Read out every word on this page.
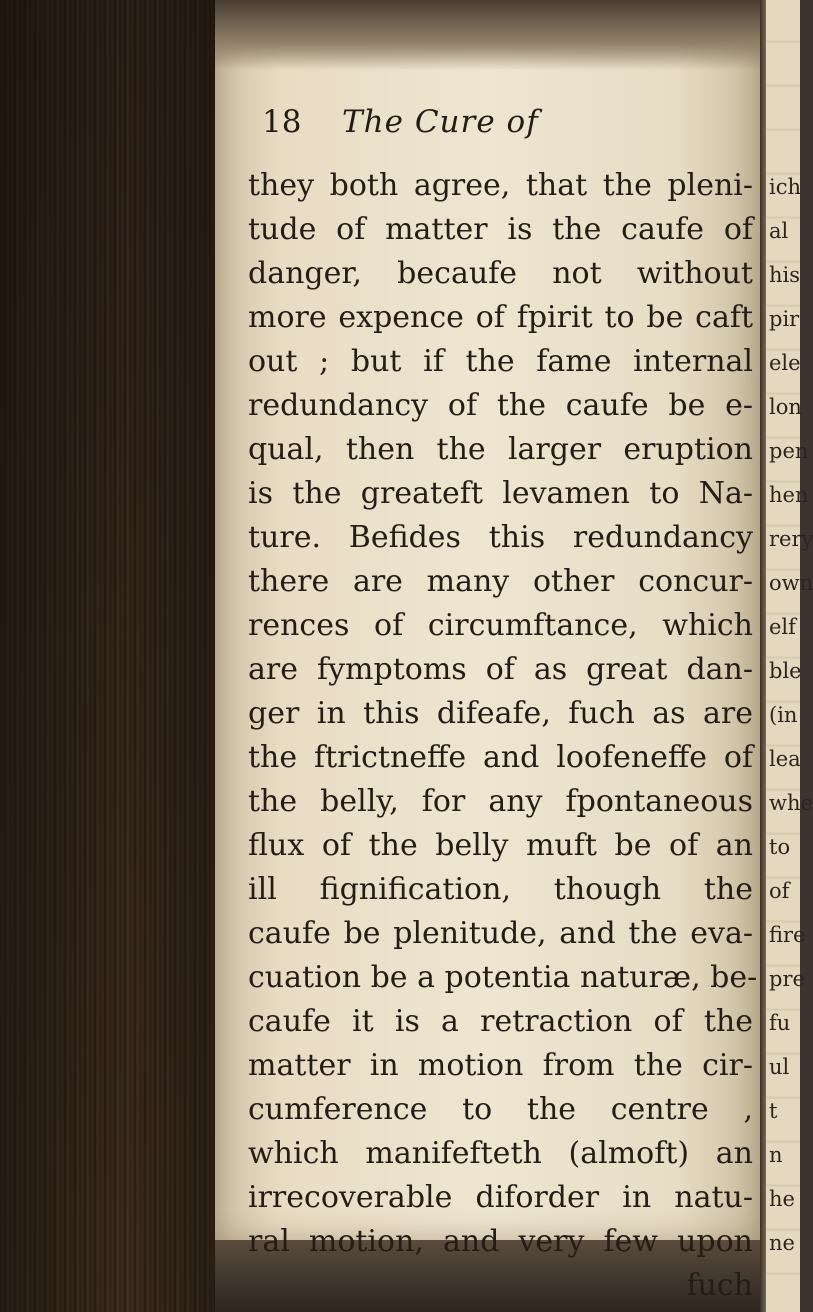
ich
al
his
pir
ele
lon
pen
hen
rery
own
elf
ble
(in
lea
whe
to
of
fire
pre
fu
ul
t
n
he
ne
18 The Cure of
they both agree, that the pleni-
tude of matter is the caufe of
danger, becaufe not without
more expence of fpirit to be caft
out ; but if the fame internal
redundancy of the caufe be e-
qual, then the larger eruption
is the greateft levamen to Na-
ture. Befides this redundancy
there are many other concur-
rences of circumftance, which
are fymptoms of as great dan-
ger in this difeafe, fuch as are
the ftrictneffe and loofeneffe of
the belly, for any fpontaneous
flux of the belly muft be of an
ill fignification, though the
caufe be plenitude, and the eva-
cuation be a potentia naturæ, be-
caufe it is a retraction of the
matter in motion from the cir-
cumference to the centre ,
which manifefteth (almoft) an
irrecoverable diforder in natu-
ral motion, and very few upon
fuch
